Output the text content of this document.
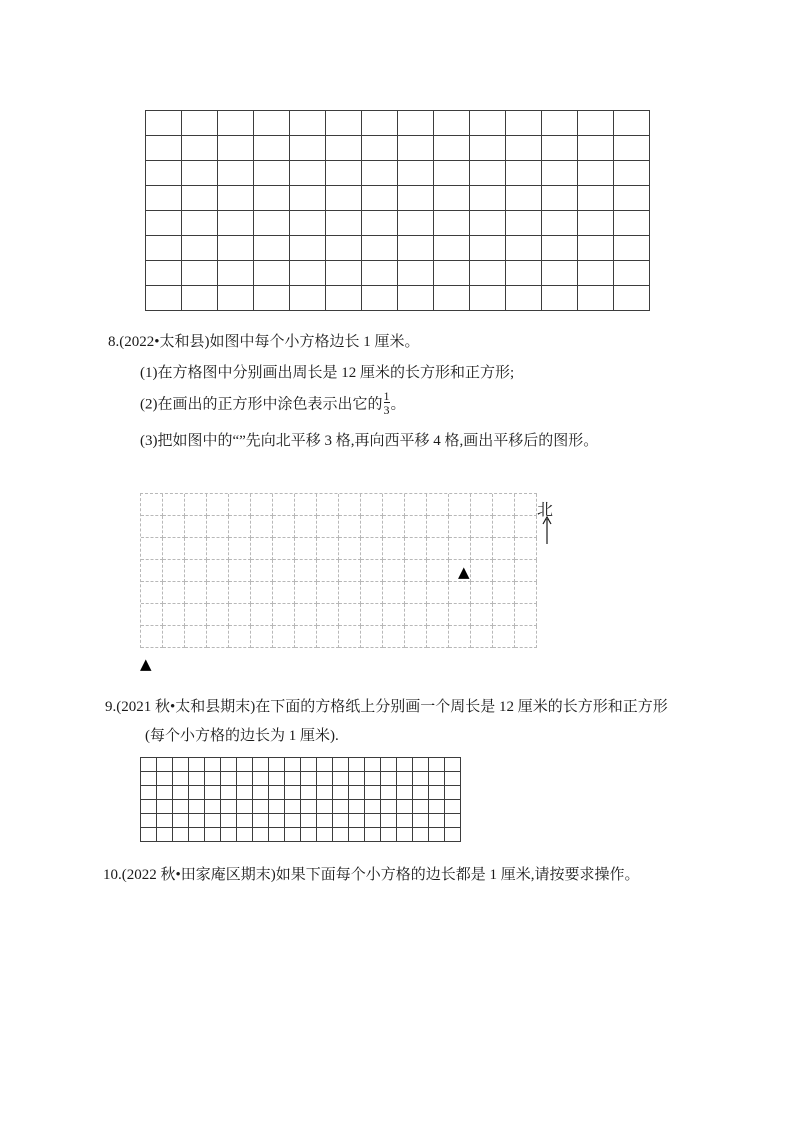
8.(2022•太和县)如图中每个小方格边长 1 厘米。
(1)在方格图中分别画出周长是 12 厘米的长方形和正方形;
(2)在画出的正方形中涂色表示出它的 $\frac{1}{3}$ 。
(3)把如图中的“”先向北平移 3 格,再向西平移 4 格,画出平移后的图形。
▲
北
▲
9.(2021 秋•太和县期末)在下面的方格纸上分别画一个周长是 12 厘米的长方形和正方形
(每个小方格的边长为 1 厘米).
10.(2022 秋•田家庵区期末)如果下面每个小方格的边长都是 1 厘米,请按要求操作。
